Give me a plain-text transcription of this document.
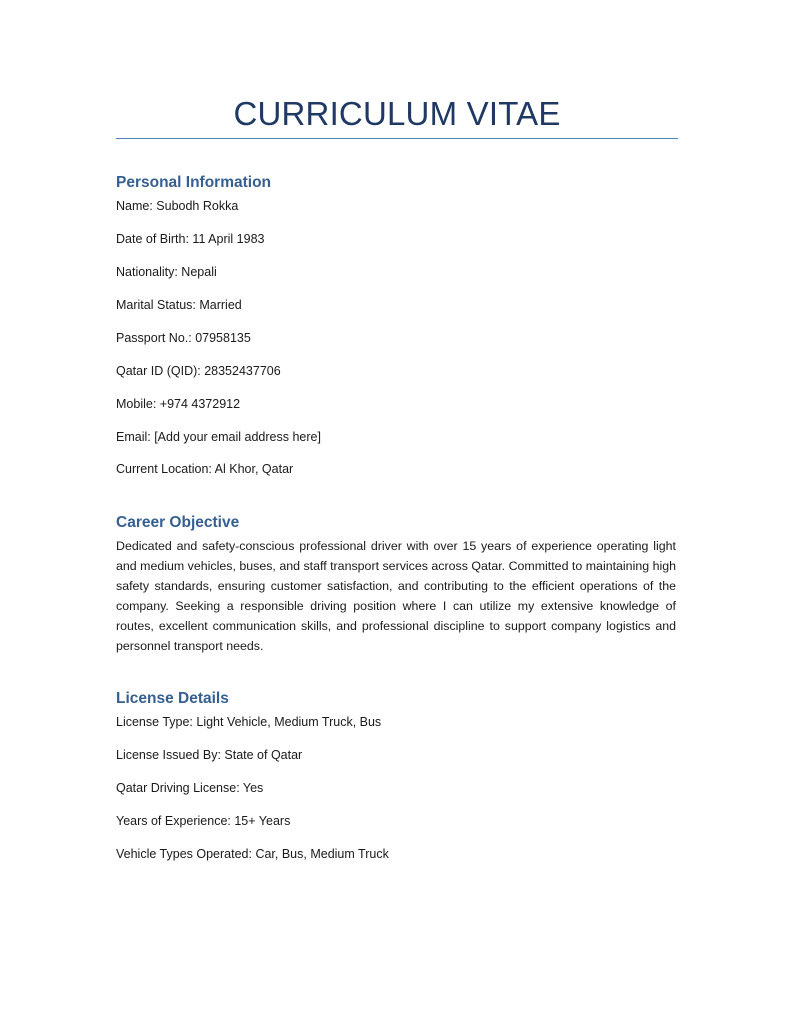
CURRICULUM VITAE
Personal Information
Name: Subodh Rokka
Date of Birth: 11 April 1983
Nationality: Nepali
Marital Status: Married
Passport No.: 07958135
Qatar ID (QID): 28352437706
Mobile: +974 4372912
Email: [Add your email address here]
Current Location: Al Khor, Qatar
Career Objective
Dedicated and safety-conscious professional driver with over 15 years of experience operating light and medium vehicles, buses, and staff transport services across Qatar. Committed to maintaining high safety standards, ensuring customer satisfaction, and contributing to the efficient operations of the company. Seeking a responsible driving position where I can utilize my extensive knowledge of routes, excellent communication skills, and professional discipline to support company logistics and personnel transport needs.
License Details
License Type: Light Vehicle, Medium Truck, Bus
License Issued By: State of Qatar
Qatar Driving License: Yes
Years of Experience: 15+ Years
Vehicle Types Operated: Car, Bus, Medium Truck
